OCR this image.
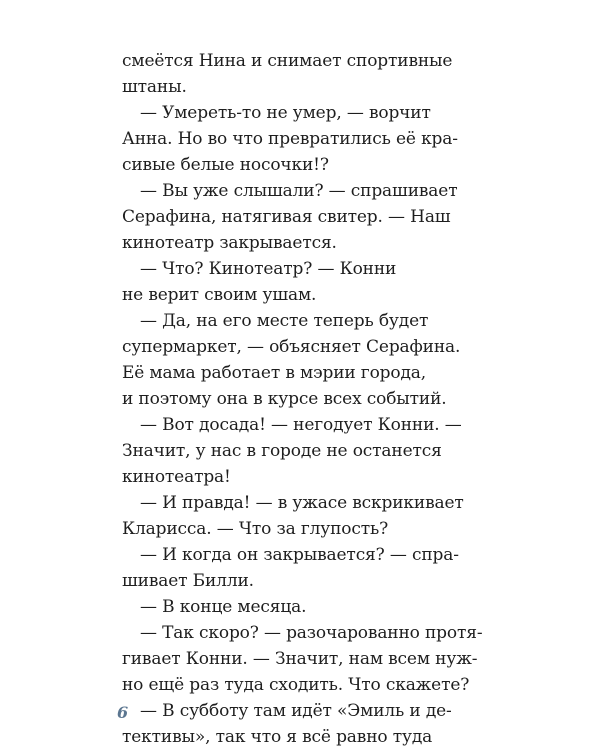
смеётся Нина и снимает спортивные
штаны.
— Умереть-то не умер, — ворчит
Анна. Но во что превратились её кра-
сивые белые носочки!?
— Вы уже слышали? — спрашивает
Серафина, натягивая свитер. — Наш
кинотеатр закрывается.
— Что? Кинотеатр? — Конни
не верит своим ушам.
— Да, на его месте теперь будет
супермаркет, — объясняет Серафина.
Её мама работает в мэрии города,
и поэтому она в курсе всех событий.
— Вот досада! — негодует Конни. —
Значит, у нас в городе не останется
кинотеатра!
— И правда! — в ужасе вскрикивает
Кларисса. — Что за глупость?
— И когда он закрывается? — спра-
шивает Билли.
— В конце месяца.
— Так скоро? — разочарованно протя-
гивает Конни. — Значит, нам всем нуж-
но ещё раз туда сходить. Что скажете?
— В субботу там идёт «Эмиль и де-
тективы», так что я всё равно туда
6
